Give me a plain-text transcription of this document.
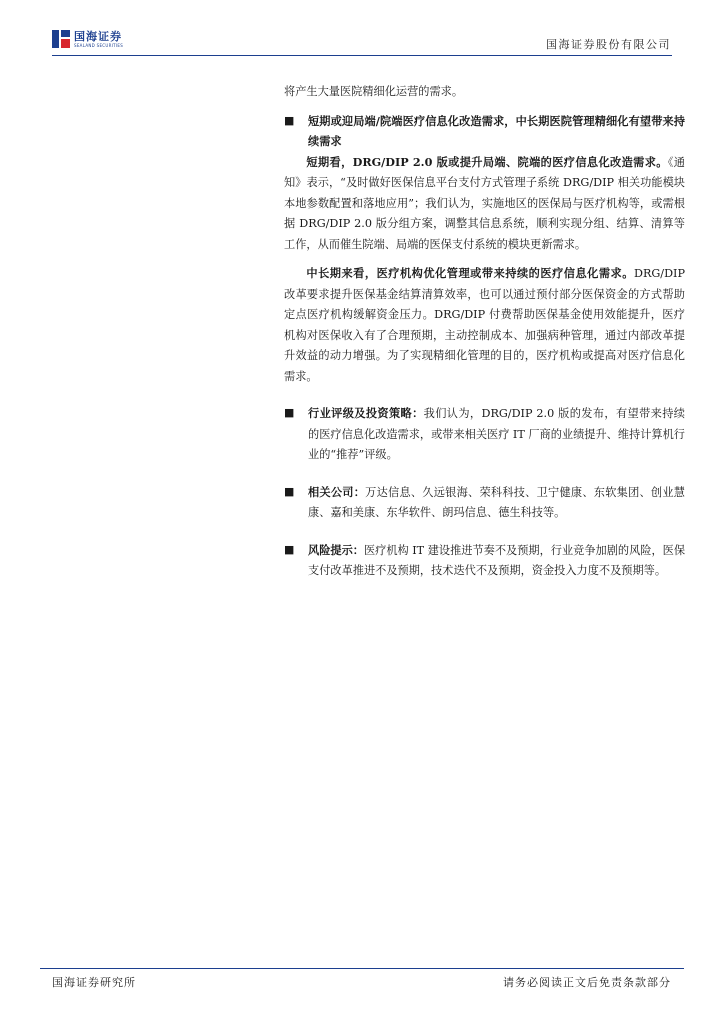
国海证券
SEALAND SECURITIES	国海证券股份有限公司

将产生大量医院精细化运营的需求。

■	短期或迎局端/院端医疗信息化改造需求，中长期医院管理精细化有望带来持续需求

短期看，DRG/DIP 2.0 版或提升局端、院端的医疗信息化改造需求。《通知》表示，“及时做好医保信息平台支付方式管理子系统 DRG/DIP 相关功能模块本地参数配置和落地应用”；我们认为，实施地区的医保局与医疗机构等，或需根据 DRG/DIP 2.0 版分组方案，调整其信息系统，顺利实现分组、结算、清算等工作，从而催生院端、局端的医保支付系统的模块更新需求。

中长期来看，医疗机构优化管理或带来持续的医疗信息化需求。DRG/DIP 改革要求提升医保基金结算清算效率，也可以通过预付部分医保资金的方式帮助定点医疗机构缓解资金压力。DRG/DIP 付费帮助医保基金使用效能提升，医疗机构对医保收入有了合理预期，主动控制成本、加强病种管理，通过内部改革提升效益的动力增强。为了实现精细化管理的目的，医疗机构或提高对医疗信息化需求。

■	行业评级及投资策略：我们认为，DRG/DIP 2.0 版的发布，有望带来持续的医疗信息化改造需求，或带来相关医疗 IT 厂商的业绩提升、维持计算机行业的“推荐”评级。
■	相关公司：万达信息、久远银海、荣科科技、卫宁健康、东软集团、创业慧康、嘉和美康、东华软件、朗玛信息、德生科技等。
■	风险提示：医疗机构 IT 建设推进节奏不及预期，行业竞争加剧的风险，医保支付改革推进不及预期，技术迭代不及预期，资金投入力度不及预期等。
国海证券研究所	请务必阅读正文后免责条款部分
